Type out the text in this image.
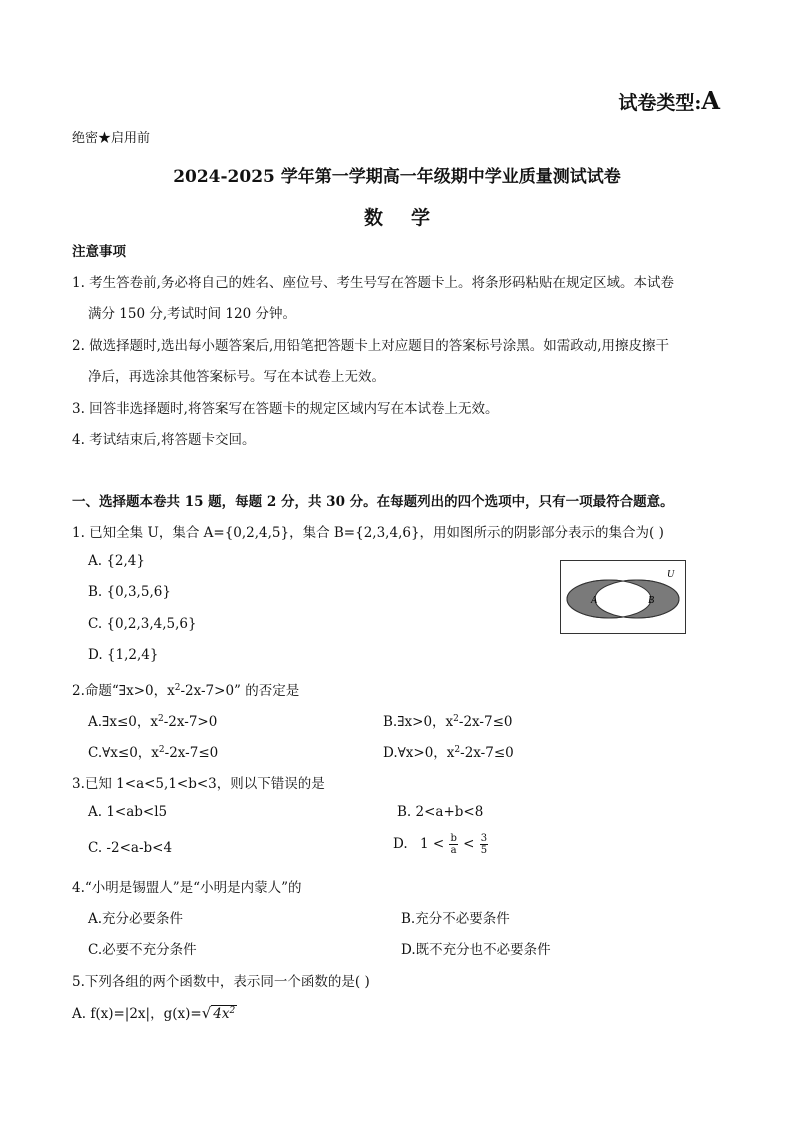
试卷类型:A
绝密★启用前
2024-2025 学年第一学期高一年级期中学业质量测试试卷
数学
注意事项
1. 考生答卷前,务必将自己的姓名、座位号、考生号写在答题卡上。将条形码粘贴在规定区域。本试卷
满分 150 分,考试时间 120 分钟。
2. 做选择题时,选出每小题答案后,用铅笔把答题卡上对应题目的答案标号涂黑。如需政动,用擦皮擦干
净后，再选涂其他答案标号。写在本试卷上无效。
3. 回答非选择题时,将答案写在答题卡的规定区域内写在本试卷上无效。
4. 考试结束后,将答题卡交回。
一、选择题本卷共 15 题，每题 2 分，共 30 分。在每题列出的四个选项中，只有一项最符合题意。
1. 已知全集 U，集合 A={0,2,4,5}，集合 B={2,3,4,6}，用如图所示的阴影部分表示的集合为( )
A. {2,4}
B. {0,3,5,6}
C. {0,2,3,4,5,6}
D. {1,2,4}
U
A	B
2.命题“∃x>0，$x^2-2x-7>0$” 的否定是
A.∃x≤0，$x^2-2x-7>0$	B.∃x>0，$x^2-2x-7\le 0$
C.∀x≤0，$x^2-2x-7\le 0$	D.∀x>0，$x^2-2x-7\le 0$
3.已知 1<a<5,1<b<3，则以下错误的是
A. 1<ab<l5	B. 2<a+b<8
C. -2<a-b<4	D. $1 < \frac{b}{a} < \frac{3}{5}$
4.“小明是锡盟人”是“小明是内蒙人”的
A.充分必要条件	B.充分不必要条件
C.必要不充分条件	D.既不充分也不必要条件
5.下列各组的两个函数中，表示同一个函数的是( )
A. f(x)=|2x|，g(x)=√ $4x^2$
